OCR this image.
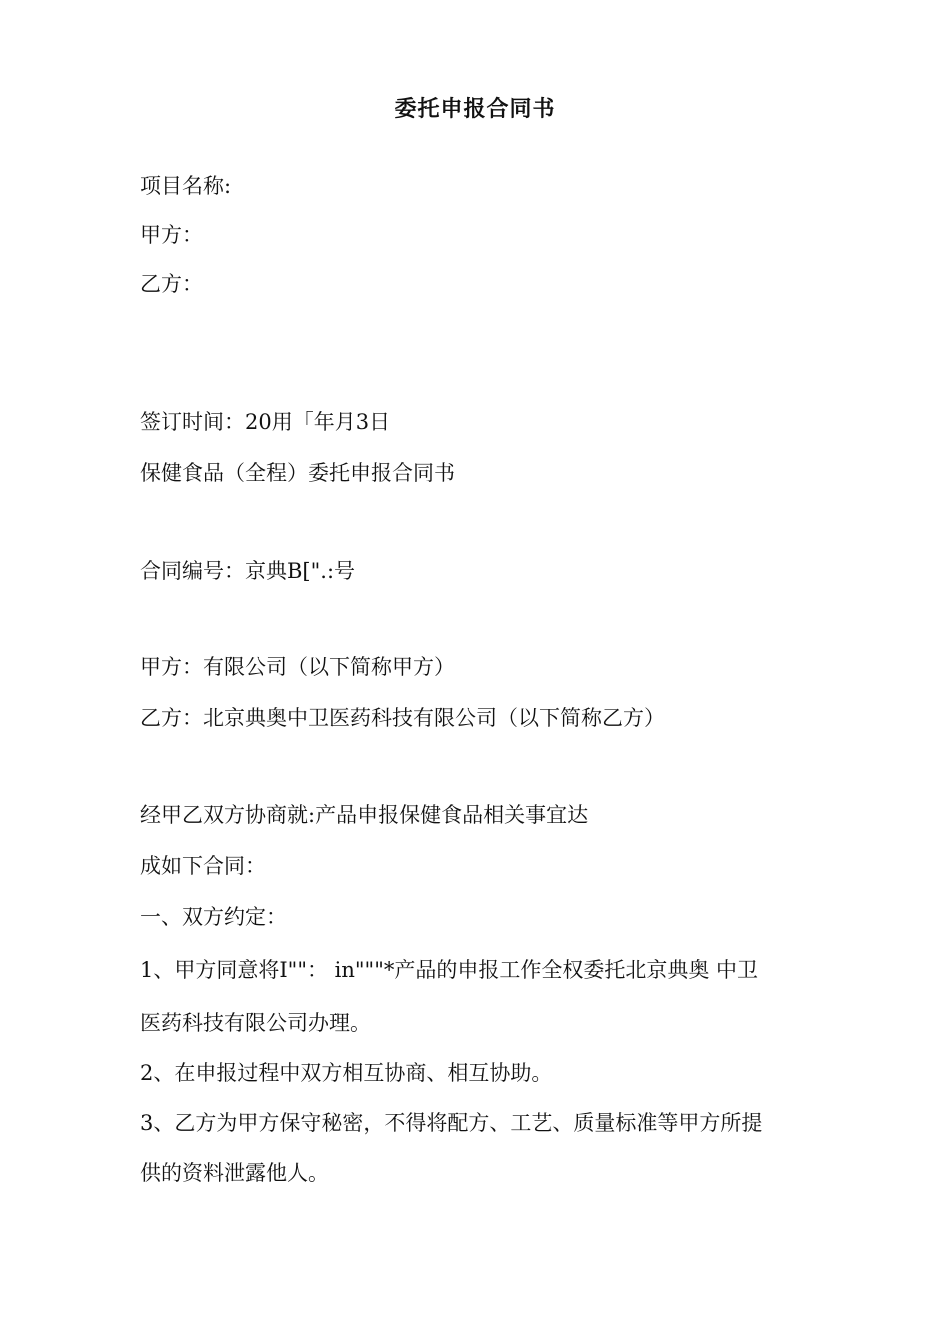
委托申报合同书
项目名称:
甲方：
乙方：
签订时间：20用「年月3日
保健食品（全程）委托申报合同书
合同编号：京典B[".:号
甲方：有限公司（以下简称甲方）
乙方：北京典奥中卫医药科技有限公司（以下简称乙方）
经甲乙双方协商就:产品申报保健食品相关事宜达
成如下合同：
一、双方约定：
1、甲方同意将I""： in"""*产品的申报工作全权委托北京典奥 中卫
医药科技有限公司办理。
2、在申报过程中双方相互协商、相互协助。
3、乙方为甲方保守秘密，不得将配方、工艺、质量标准等甲方所提
供的资料泄露他人。
